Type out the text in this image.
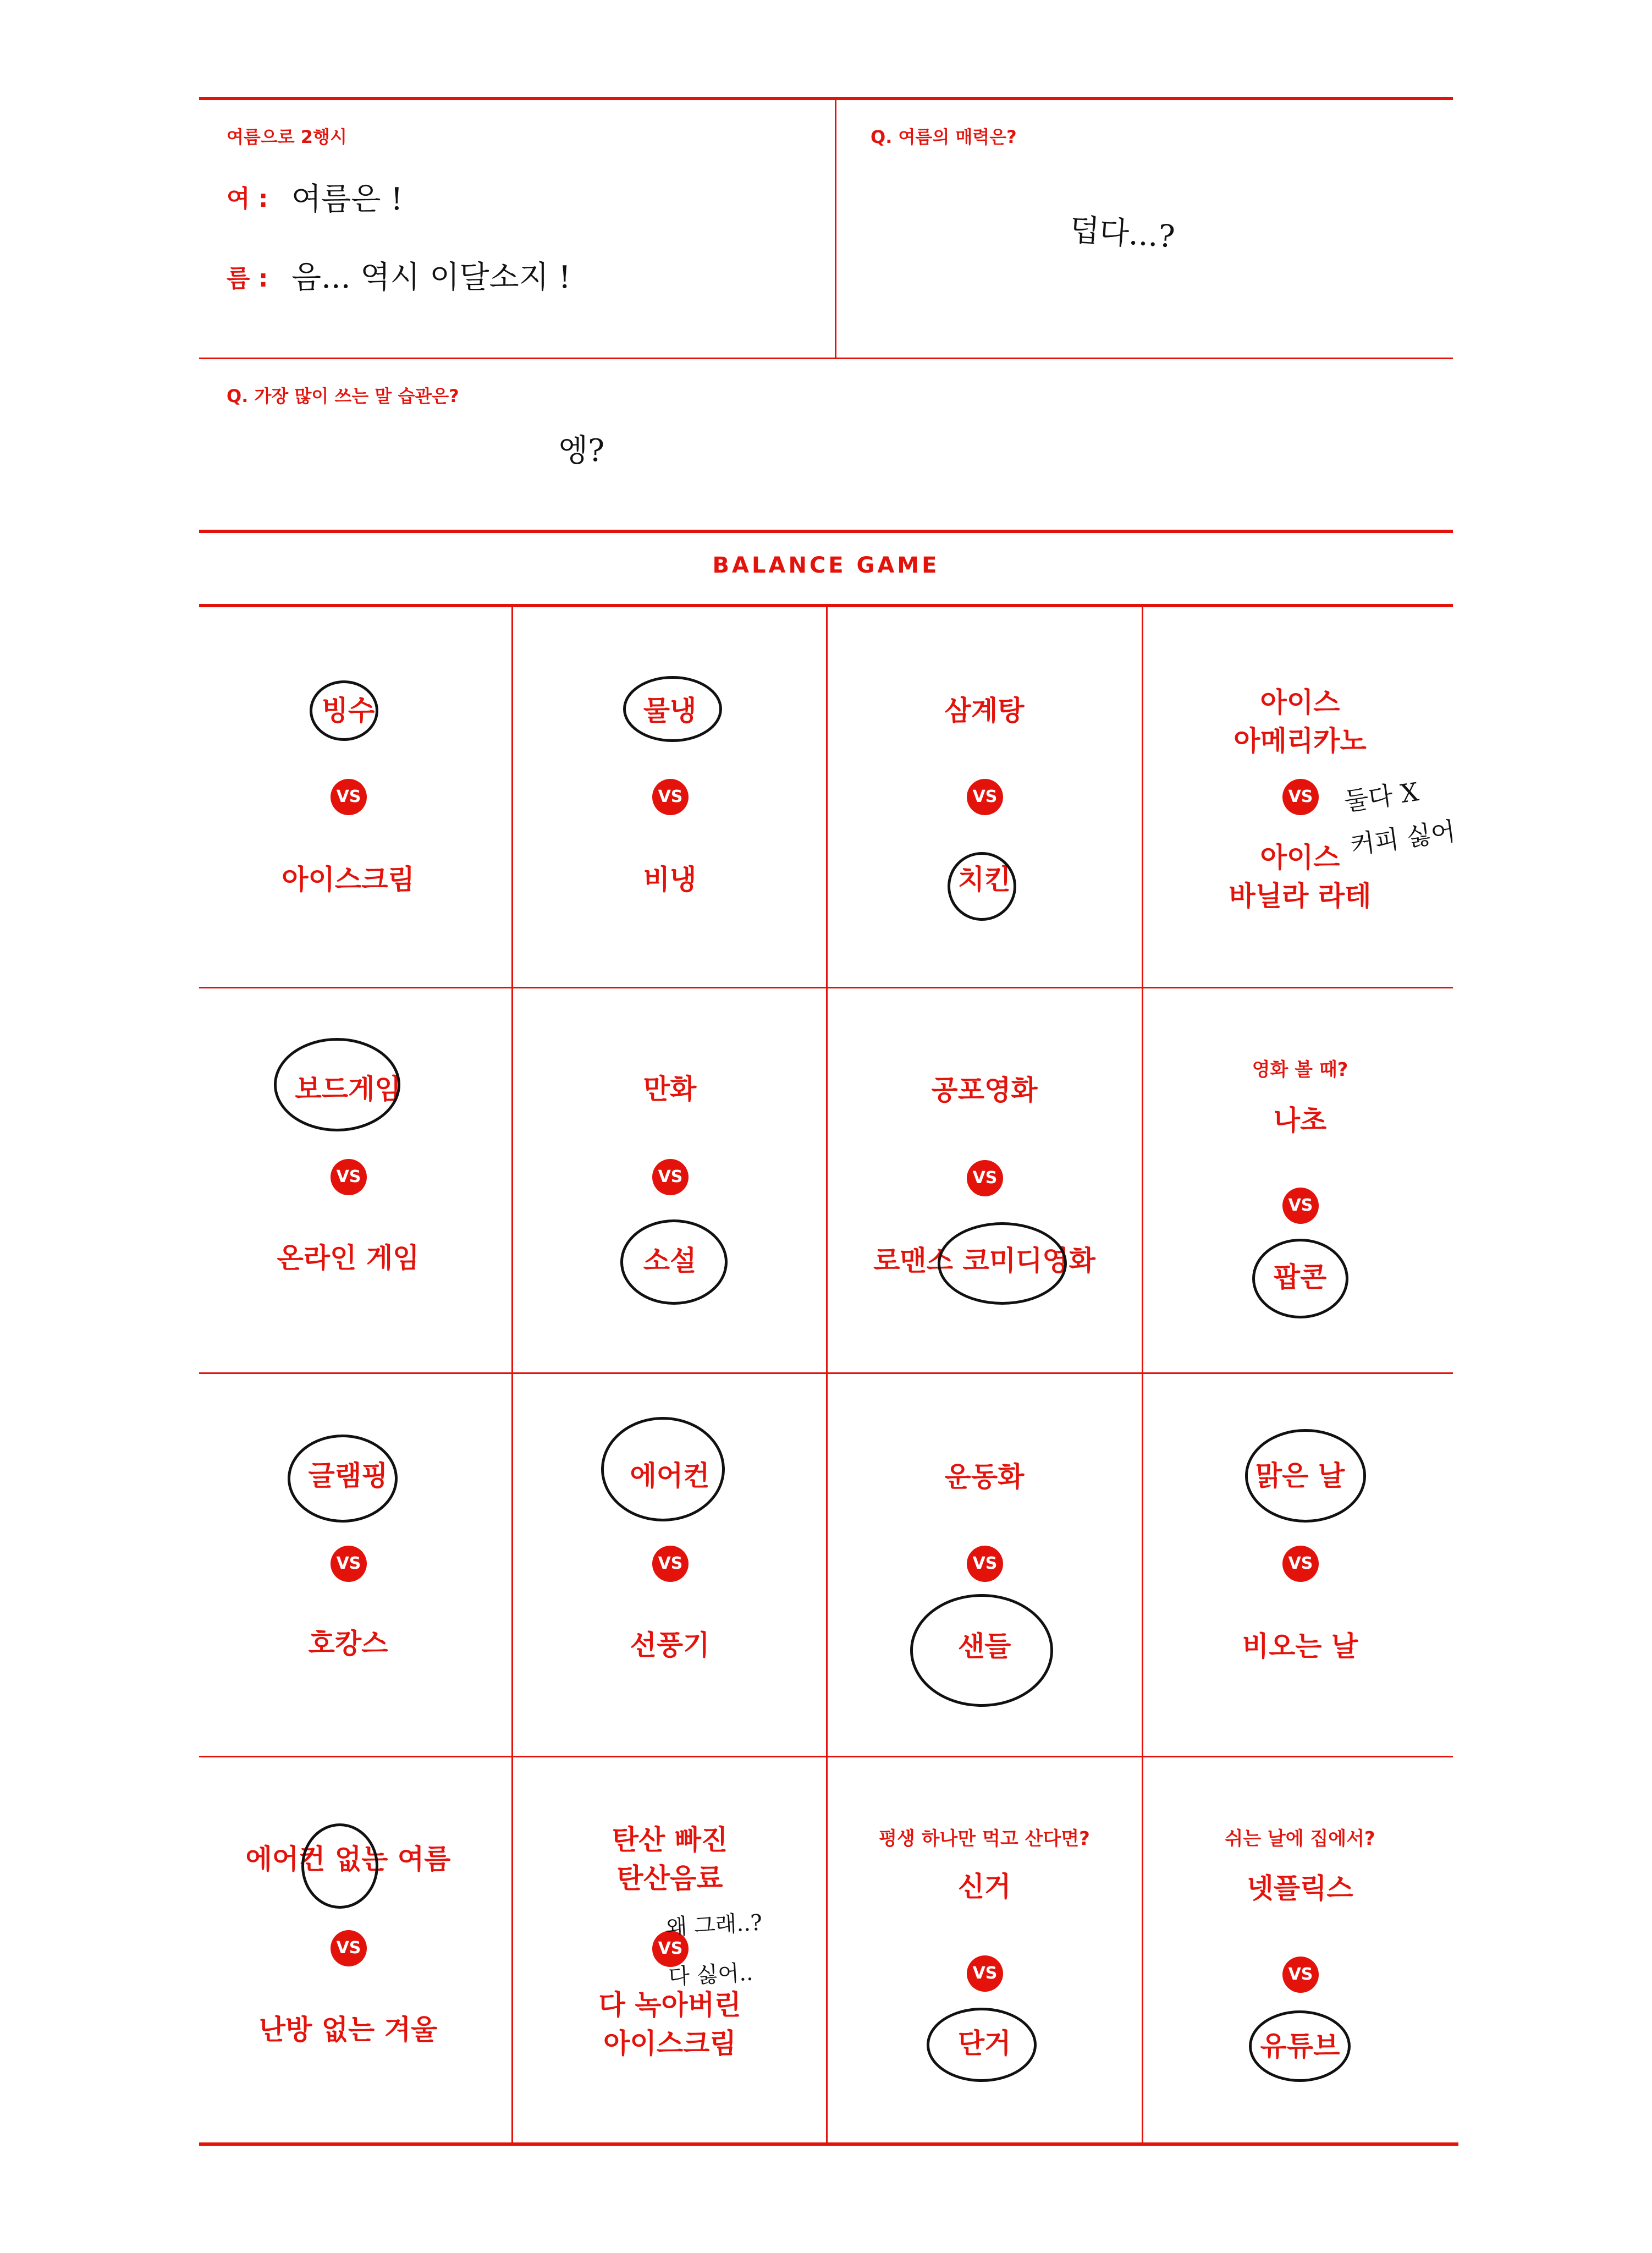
여름으로 2행시
여 : 여름은 !
름 : 음... 역시 이달소지 !
Q. 여름의 매력은?
덥다...?
Q. 가장 많이 쓰는 말 습관은?
엥?
BALANCE GAME
빙수
VS
아이스크림
물냉
VS
비냉
삼계탕
VS
치킨
아이스
아메리카노
VS
아이스
바닐라 라테
둘다 X
커피 싫어
보드게임
VS
온라인 게임
만화
VS
소설
공포영화
VS
로맨스 코미디영화
영화 볼 때?
나초
VS
팝콘
글램핑
VS
호캉스
에어컨
VS
선풍기
운동화
VS
샌들
맑은 날
VS
비오는 날
에어컨 없는 여름
VS
난방 없는 겨울
탄산 빠진
탄산음료
VS
다 녹아버린
아이스크림
왜 그래..?
다 싫어..
평생 하나만 먹고 산다면?
신거
VS
단거
쉬는 날에 집에서?
넷플릭스
VS
유튜브
